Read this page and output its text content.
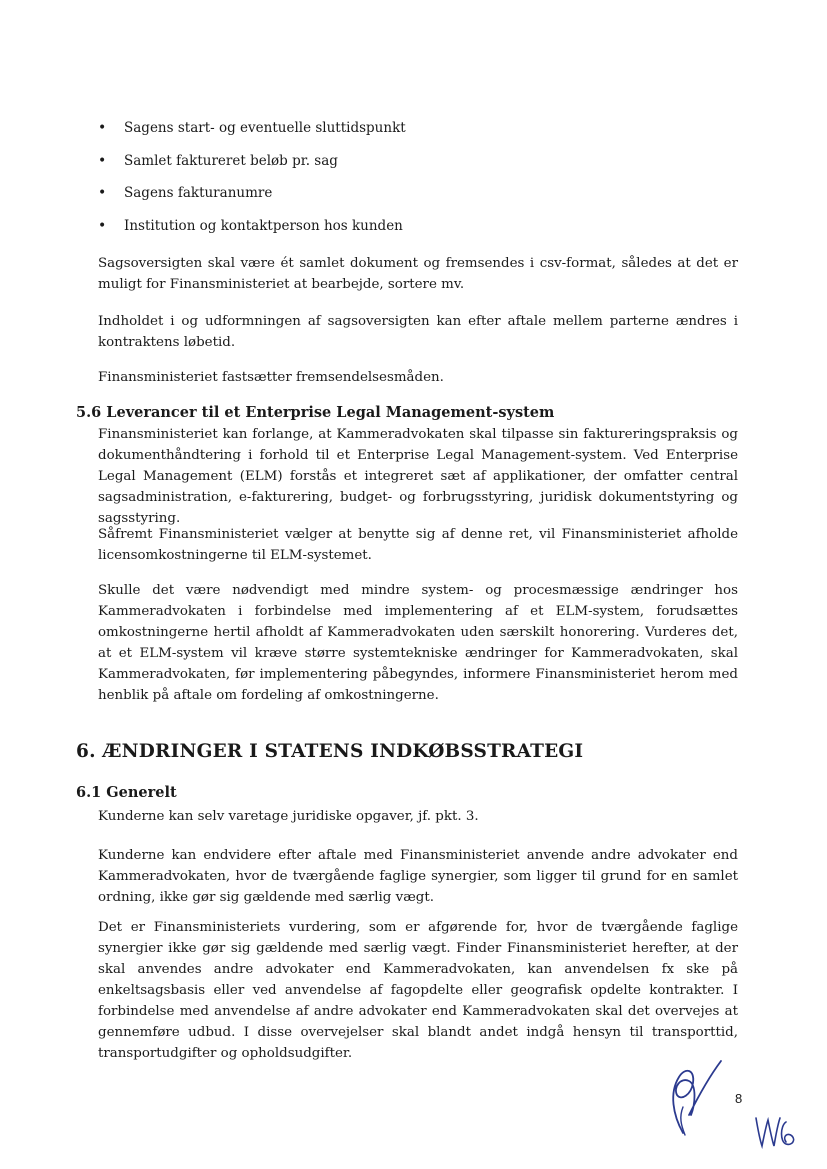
• Sagens start- og eventuelle sluttidspunkt
• Samlet faktureret beløb pr. sag
• Sagens fakturanumre
• Institution og kontaktperson hos kunden

Sagsoversigten skal være ét samlet dokument og fremsendes i csv-format, således at det er muligt for Finansministeriet at bearbejde, sortere mv.

Indholdet i og udformningen af sagsoversigten kan efter aftale mellem parterne ændres i kontraktens løbetid.

Finansministeriet fastsætter fremsendelsesmåden.

5.6 Leverancer til et Enterprise Legal Management-system

Finansministeriet kan forlange, at Kammeradvokaten skal tilpasse sin faktureringspraksis og dokumenthåndtering i forhold til et Enterprise Legal Management-system. Ved Enterprise Legal Management (ELM) forstås et integreret sæt af applikationer, der omfatter central sagsadministration, e-fakturering, budget- og forbrugsstyring, juridisk dokumentstyring og sagsstyring.

Såfremt Finansministeriet vælger at benytte sig af denne ret, vil Finansministeriet afholde licensomkostningerne til ELM-systemet.

Skulle det være nødvendigt med mindre system- og procesmæssige ændringer hos Kammeradvokaten i forbindelse med implementering af et ELM-system, forudsættes omkostningerne hertil afholdt af Kammeradvokaten uden særskilt honorering. Vurderes det, at et ELM-system vil kræve større systemtekniske ændringer for Kammeradvokaten, skal Kammeradvokaten, før implementering påbegyndes, informere Finansministeriet herom med henblik på aftale om fordeling af omkostningerne.

6. ÆNDRINGER I STATENS INDKØBSSTRATEGI
6.1 Generelt

Kunderne kan selv varetage juridiske opgaver, jf. pkt. 3.

Kunderne kan endvidere efter aftale med Finansministeriet anvende andre advokater end Kammeradvokaten, hvor de tværgående faglige synergier, som ligger til grund for en samlet ordning, ikke gør sig gældende med særlig vægt.

Det er Finansministeriets vurdering, som er afgørende for, hvor de tværgående faglige synergier ikke gør sig gældende med særlig vægt. Finder Finansministeriet herefter, at der skal anvendes andre advokater end Kammeradvokaten, kan anvendelsen fx ske på enkeltsagsbasis eller ved anvendelse af fagopdelte eller geografisk opdelte kontrakter. I forbindelse med anvendelse af andre advokater end Kammeradvokaten skal det overvejes at gennemføre udbud. I disse overvejelser skal blandt andet indgå hensyn til transporttid, transportudgifter og opholdsudgifter.

8
